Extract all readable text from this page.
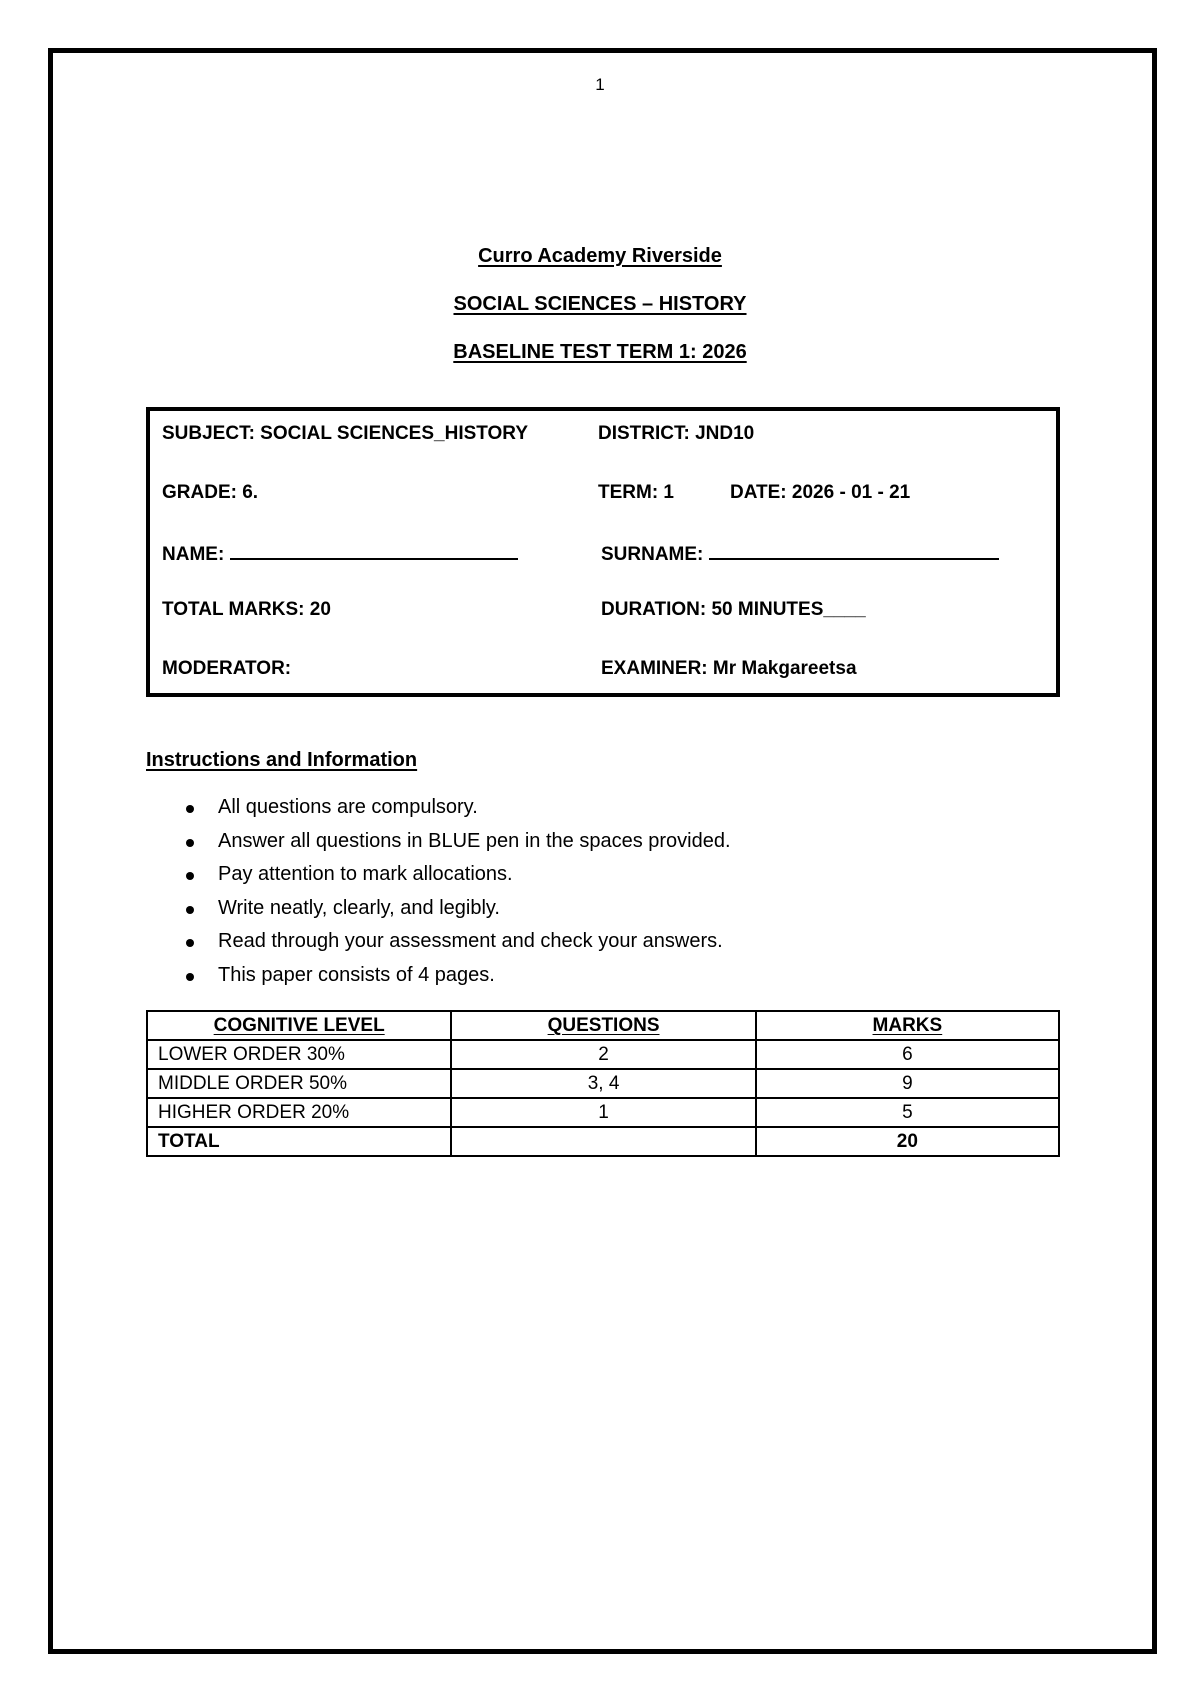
1
Curro Academy Riverside
SOCIAL SCIENCES – HISTORY
BASELINE TEST TERM 1: 2026
SUBJECT: SOCIAL SCIENCES_HISTORY	DISTRICT: JND10
GRADE: 6.	TERM: 1	DATE: 2026 - 01 - 21
NAME:	SURNAME:
TOTAL MARKS: 20	DURATION: 50 MINUTES____
MODERATOR:	EXAMINER: Mr Makgareetsa
Instructions and Information
All questions are compulsory.
Answer all questions in BLUE pen in the spaces provided.
Pay attention to mark allocations.
Write neatly, clearly, and legibly.
Read through your assessment and check your answers.
This paper consists of 4 pages.
COGNITIVE LEVEL	QUESTIONS	MARKS
LOWER ORDER 30%	2	6
MIDDLE ORDER 50%	3, 4	9
HIGHER ORDER 20%	1	5
TOTAL		20
